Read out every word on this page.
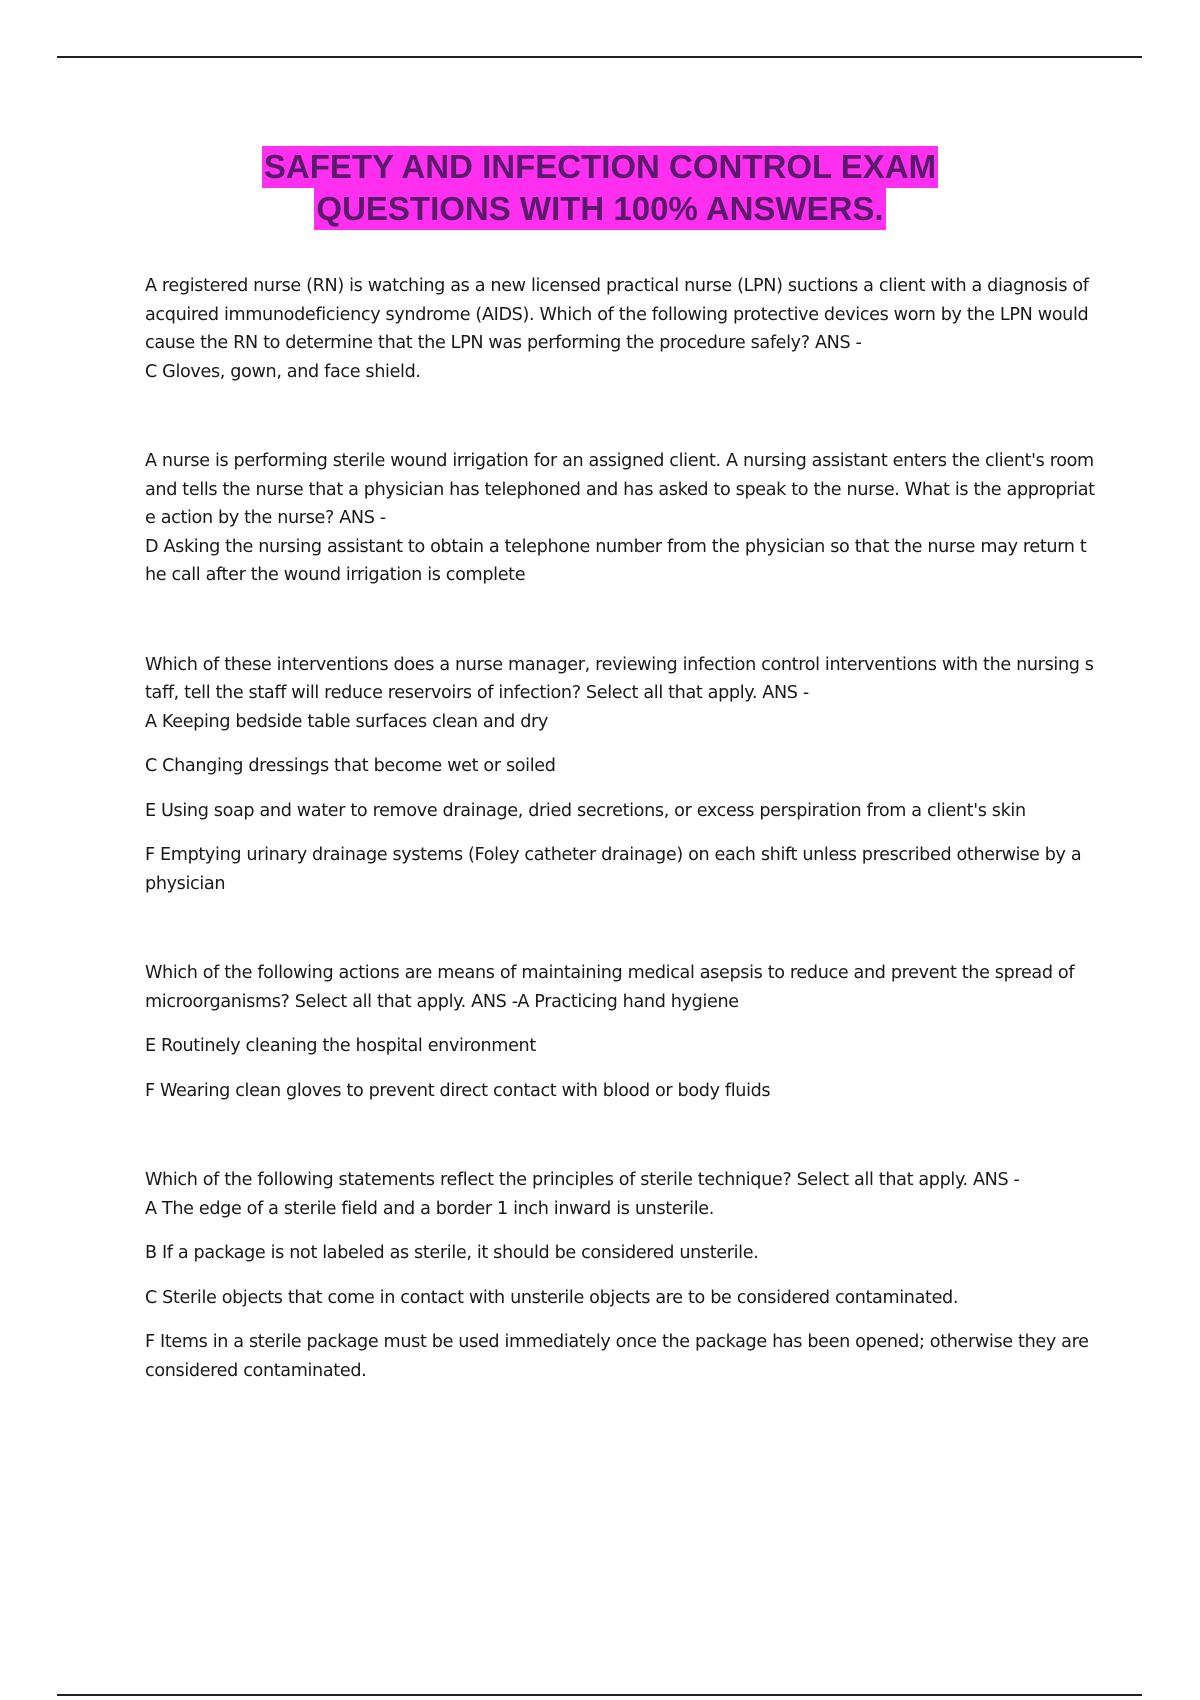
SAFETY AND INFECTION CONTROL EXAM
QUESTIONS WITH 100% ANSWERS.

A registered nurse (RN) is watching as a new licensed practical nurse (LPN) suctions a client with a diagnosis of acquired immunodeficiency syndrome (AIDS). Which of the following protective devices worn by the LPN would cause the RN to determine that the LPN was performing the procedure safely? ANS -

C Gloves, gown, and face shield.

A nurse is performing sterile wound irrigation for an assigned client. A nursing assistant enters the client's room and tells the nurse that a physician has telephoned and has asked to speak to the nurse. What is the appropriate action by the nurse? ANS -

D Asking the nursing assistant to obtain a telephone number from the physician so that the nurse may return the call after the wound irrigation is complete

Which of these interventions does a nurse manager, reviewing infection control interventions with the nursing staff, tell the staff will reduce reservoirs of infection? Select all that apply. ANS -

A Keeping bedside table surfaces clean and dry

C Changing dressings that become wet or soiled

E Using soap and water to remove drainage, dried secretions, or excess perspiration from a client's skin

F Emptying urinary drainage systems (Foley catheter drainage) on each shift unless prescribed otherwise by a physician

Which of the following actions are means of maintaining medical asepsis to reduce and prevent the spread of microorganisms? Select all that apply. ANS -A Practicing hand hygiene

E Routinely cleaning the hospital environment

F Wearing clean gloves to prevent direct contact with blood or body fluids

Which of the following statements reflect the principles of sterile technique? Select all that apply. ANS -

A The edge of a sterile field and a border 1 inch inward is unsterile.

B If a package is not labeled as sterile, it should be considered unsterile.

C Sterile objects that come in contact with unsterile objects are to be considered contaminated.

F Items in a sterile package must be used immediately once the package has been opened; otherwise they are considered contaminated.
